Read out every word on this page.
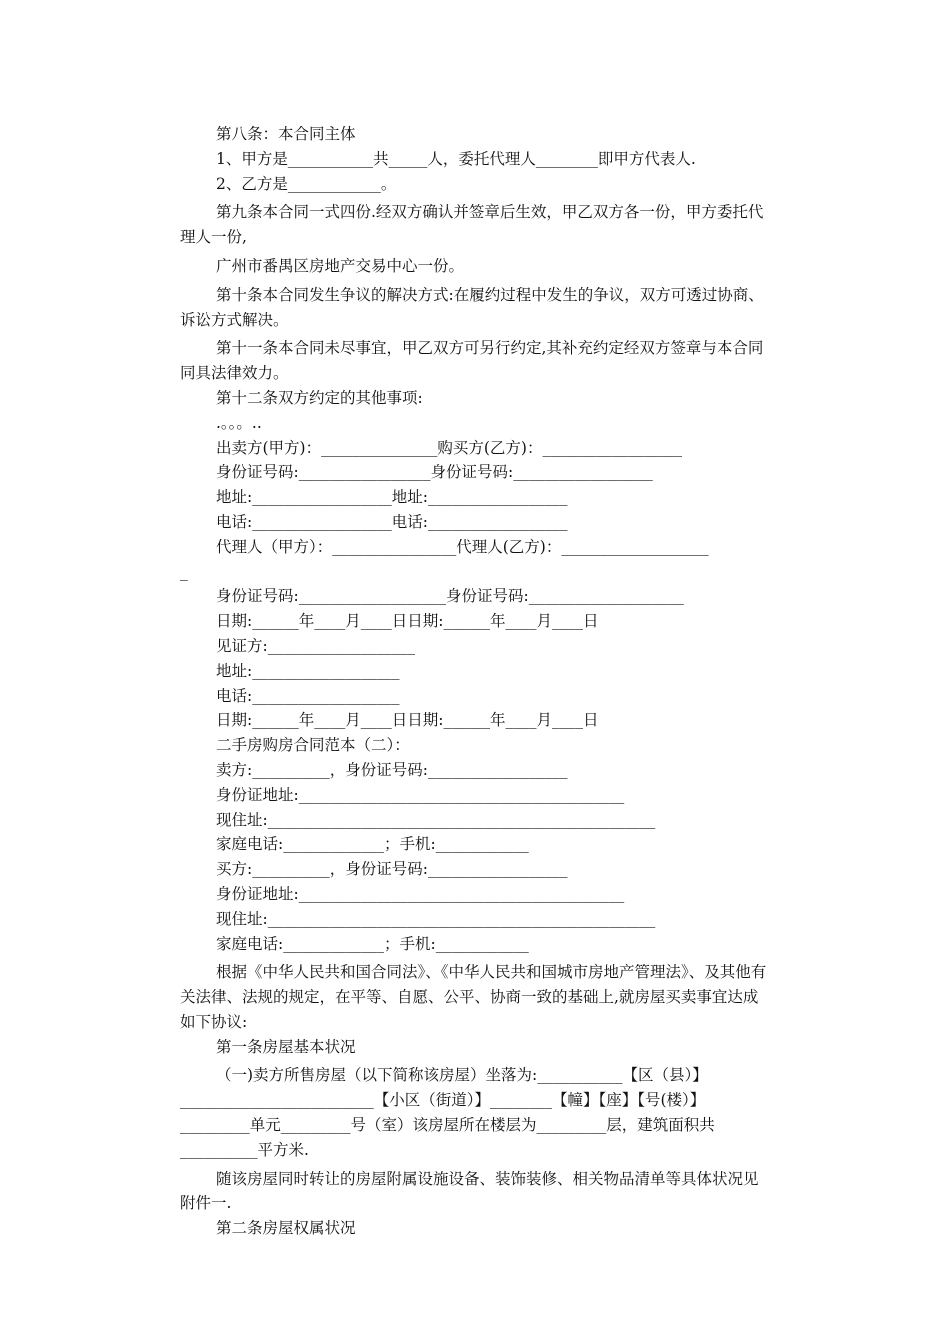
第八条：本合同主体

1、甲方是___________共_____人，委托代理人________即甲方代表人.

2、乙方是____________。

第九条本合同一式四份.经双方确认并签章后生效，甲乙双方各一份，甲方委托代理人一份,

广州市番禺区房地产交易中心一份。

第十条本合同发生争议的解决方式:在履约过程中发生的争议，双方可透过协商、诉讼方式解决。

第十一条本合同未尽事宜，甲乙双方可另行约定,其补充约定经双方签章与本合同同具法律效力。

第十二条双方约定的其他事项:

.。。。..

出卖方(甲方)：_______________购买方(乙方)：__________________

身份证号码:_________________身份证号码:__________________

地址:__________________地址:__________________

电话:__________________电话:__________________

代理人（甲方）：________________代理人(乙方)：___________________

_

身份证号码:___________________身份证号码:____________________

日期:______年____月____日日期:______年____月____日

见证方:___________________

地址:___________________

电话:___________________

日期:______年____月____日日期:______年____月____日

二手房购房合同范本（二）：

卖方:__________，身份证号码:__________________

身份证地址:__________________________________________

现住址:__________________________________________________

家庭电话:_____________；手机:____________

买方:__________，身份证号码:__________________

身份证地址:__________________________________________

现住址:__________________________________________________

家庭电话:_____________；手机:____________

根据《中华人民共和国合同法》、《中华人民共和国城市房地产管理法》、及其他有关法律、法规的规定，在平等、自愿、公平、协商一致的基础上,就房屋买卖事宜达成如下协议:

第一条房屋基本状况

（一)卖方所售房屋（以下简称该房屋）坐落为:___________【区（县）】_________________________【小区（街道）】________【幢】【座】【号(楼）】_________单元_________号（室）该房屋所在楼层为_________层，建筑面积共__________平方米.

随该房屋同时转让的房屋附属设施设备、装饰装修、相关物品清单等具体状况见附件一.

第二条房屋权属状况
